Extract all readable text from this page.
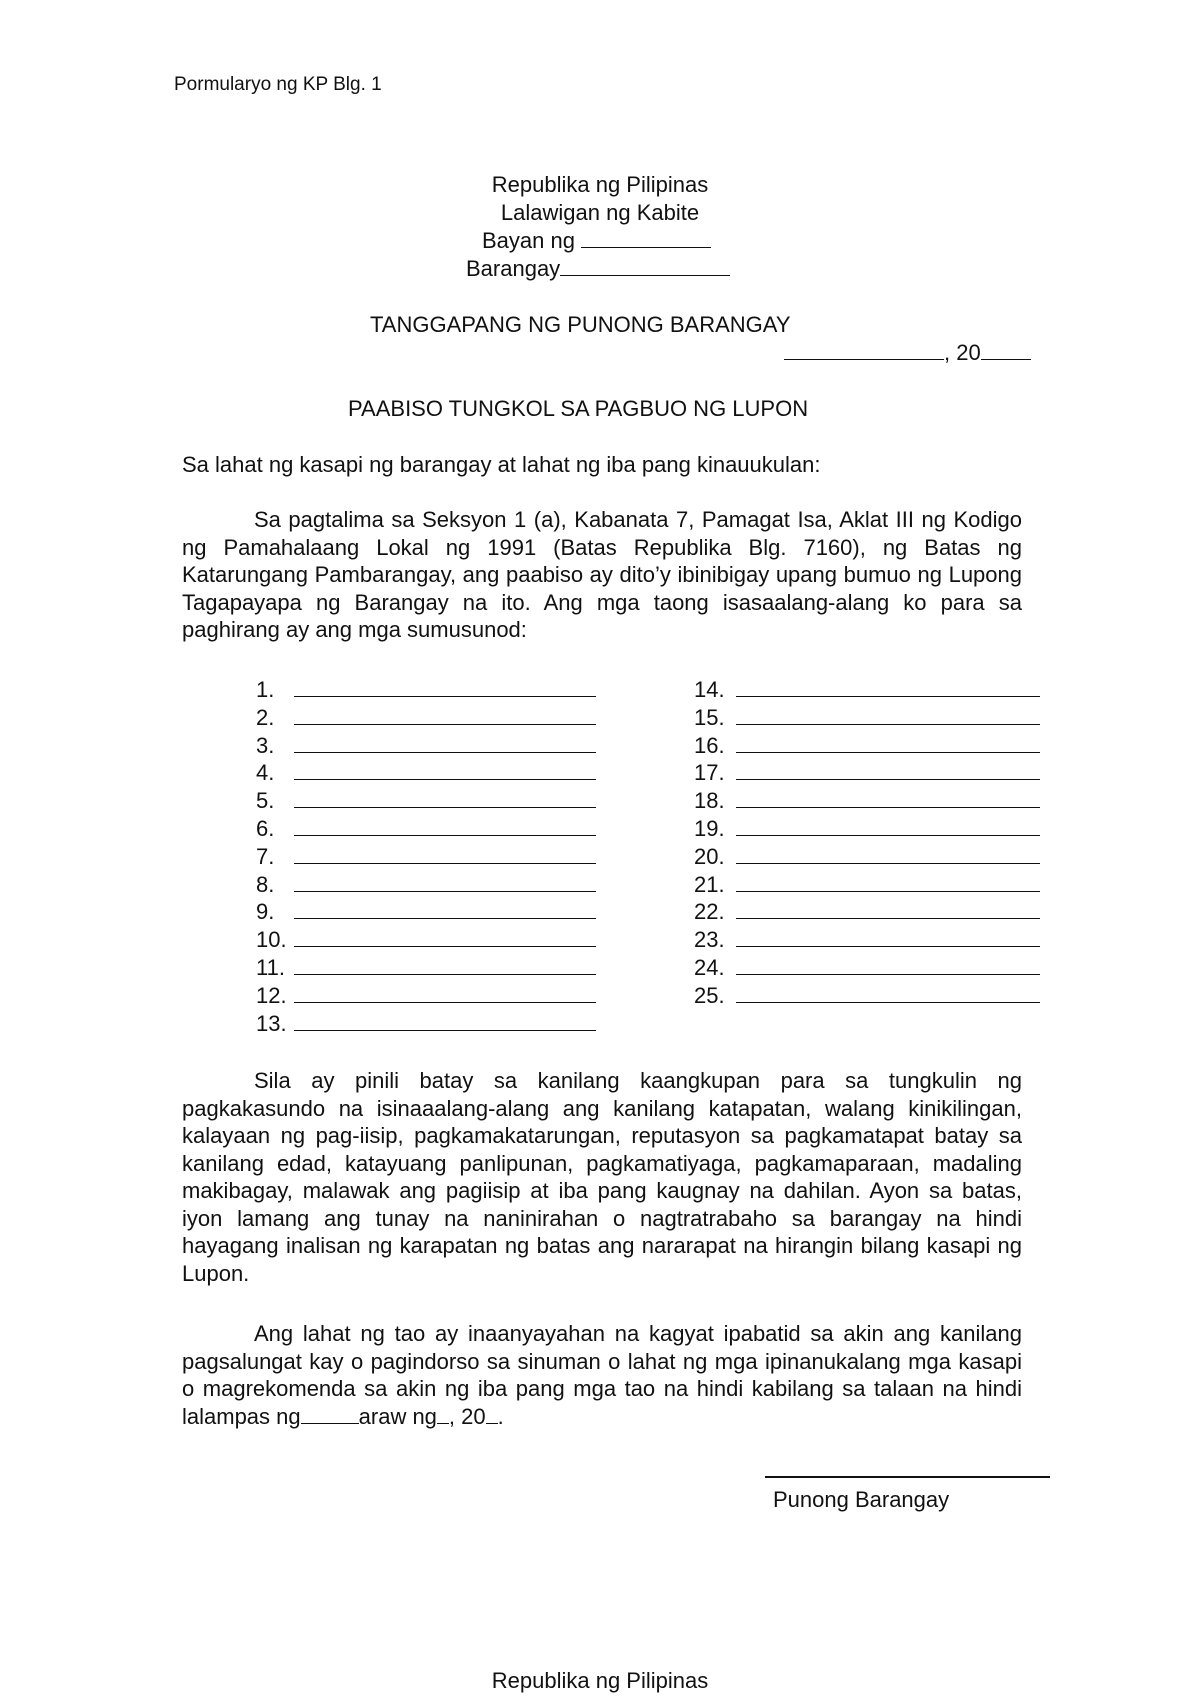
Pormularyo ng KP Blg. 1
Republika ng Pilipinas
Lalawigan ng Kabite
Bayan ng
Barangay
TANGGAPANG NG PUNONG BARANGAY
, 20
PAABISO TUNGKOL SA PAGBUO NG LUPON
Sa lahat ng kasapi ng barangay at lahat ng iba pang kinauukulan:

Sa pagtalima sa Seksyon 1 (a), Kabanata 7, Pamagat Isa, Aklat III ng Kodigo ng Pamahalaang Lokal ng 1991 (Batas Republika Blg. 7160), ng Batas ng Katarungang Pambarangay, ang paabiso ay dito’y ibinibigay upang bumuo ng Lupong Tagapayapa ng Barangay na ito. Ang mga taong isasaalang-alang ko para sa paghirang ay ang mga sumusunod:

1.
2.
3.
4.
5.
6.
7.
8.
9.
10.
11.
12.
13.
14.
15.
16.
17.
18.
19.
20.
21.
22.
23.
24.
25.

Sila ay pinili batay sa kanilang kaangkupan para sa tungkulin ng pagkakasundo na isinaaalang-alang ang kanilang katapatan, walang kinikilingan, kalayaan ng pag-iisip, pagkamakatarungan, reputasyon sa pagkamatapat batay sa kanilang edad, katayuang panlipunan, pagkamatiyaga, pagkamaparaan, madaling makibagay, malawak ang pagiisip at iba pang kaugnay na dahilan. Ayon sa batas, iyon lamang ang tunay na naninirahan o nagtratrabaho sa barangay na hindi hayagang inalisan ng karapatan ng batas ang nararapat na hirangin bilang kasapi ng Lupon.

Ang lahat ng tao ay inaanyayahan na kagyat ipabatid sa akin ang kanilang pagsalungat kay o pagindorso sa sinuman o lahat ng mga ipinanukalang mga kasapi o magrekomenda sa akin ng iba pang mga tao na hindi kabilang sa talaan na hindi lalampas ng	araw ng , 20 .

Punong Barangay
Republika ng Pilipinas
